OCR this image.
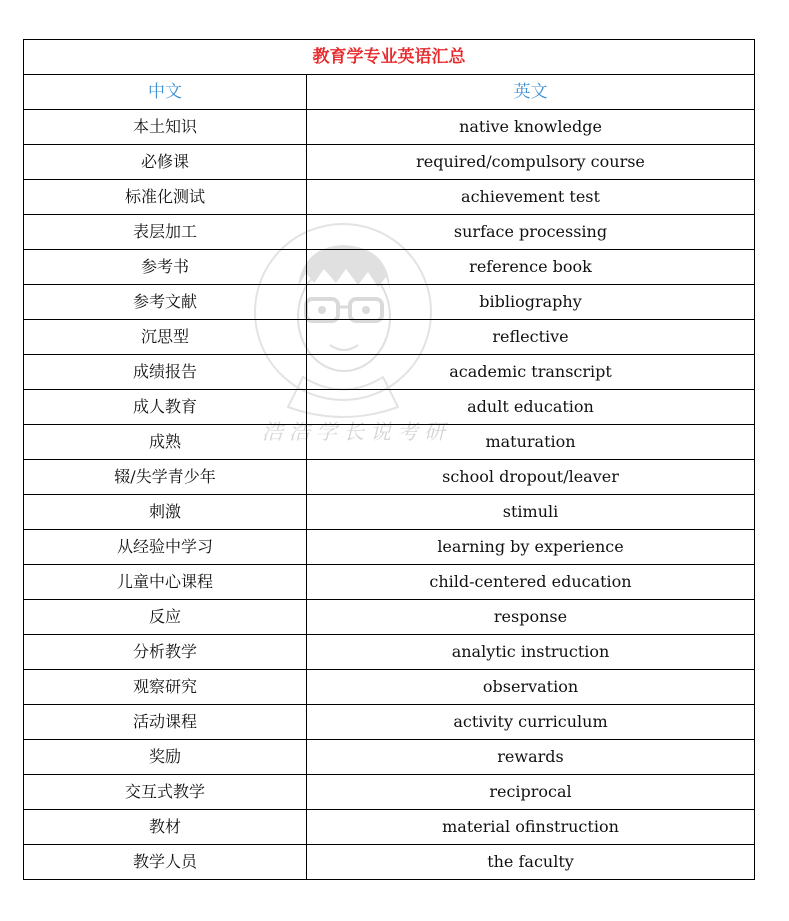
浩浩学长说考研
教育学专业英语汇总	
中文	英文
本土知识	native knowledge
必修课	required/compulsory course
标准化测试	achievement test
表层加工	surface processing
参考书	reference book
参考文献	bibliography
沉思型	reflective
成绩报告	academic transcript
成人教育	adult education
成熟	maturation
辍/失学青少年	school dropout/leaver
刺激	stimuli
从经验中学习	learning by experience
儿童中心课程	child-centered education
反应	response
分析教学	analytic instruction
观察研究	observation
活动课程	activity curriculum
奖励	rewards
交互式教学	reciprocal
教材	material ofinstruction
教学人员	the faculty
